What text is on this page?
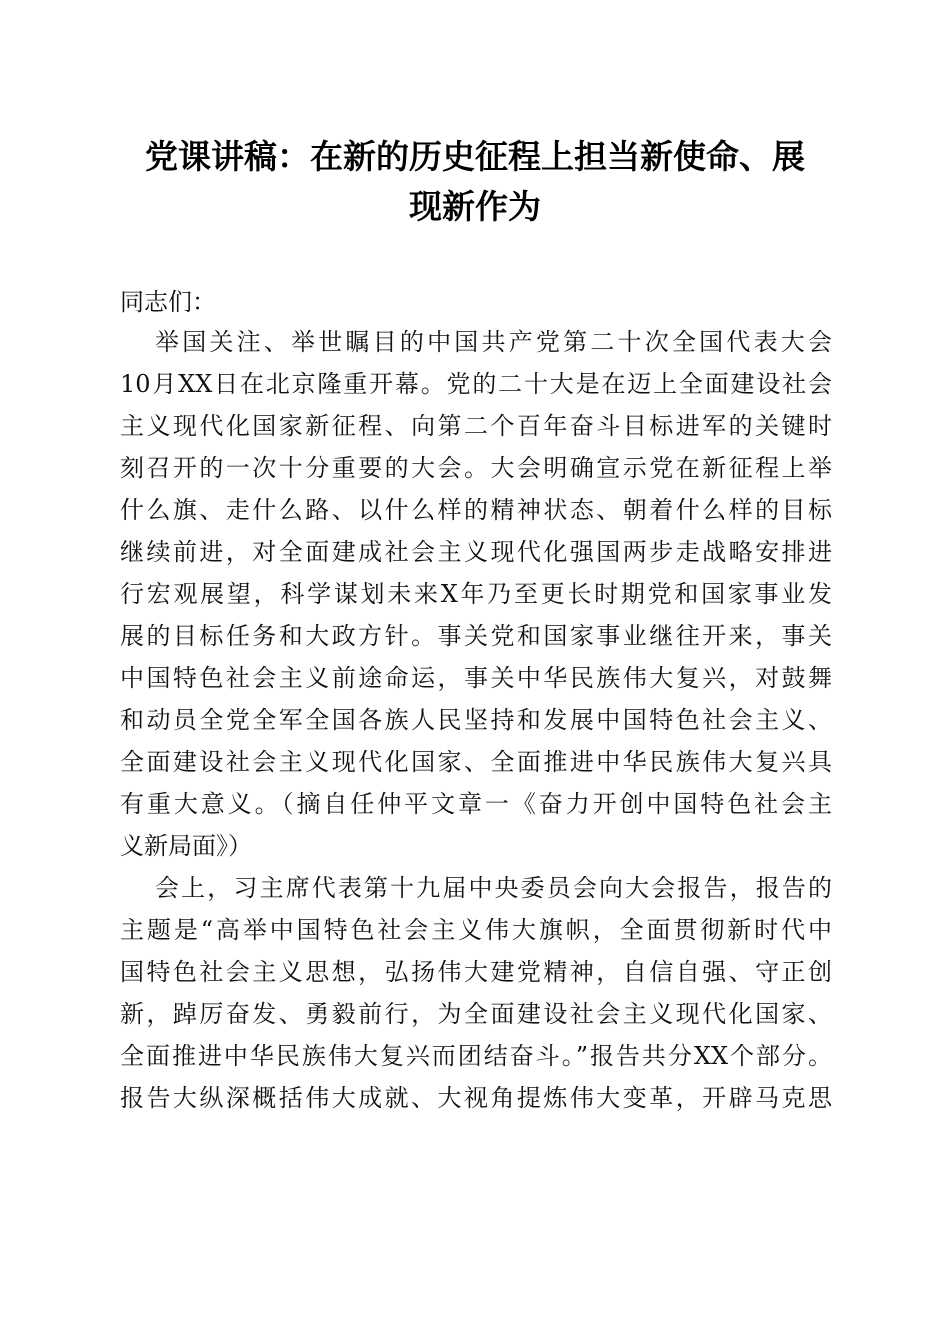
党课讲稿：在新的历史征程上担当新使命、展
现新作为

同志们：

举国关注、举世瞩目的中国共产党第二十次全国代表大会

10月XX日在北京隆重开幕。党的二十大是在迈上全面建设社会

主义现代化国家新征程、向第二个百年奋斗目标进军的关键时

刻召开的一次十分重要的大会。大会明确宣示党在新征程上举

什么旗、走什么路、以什么样的精神状态、朝着什么样的目标

继续前进，对全面建成社会主义现代化强国两步走战略安排进

行宏观展望，科学谋划未来X年乃至更长时期党和国家事业发

展的目标任务和大政方针。事关党和国家事业继往开来，事关

中国特色社会主义前途命运，事关中华民族伟大复兴，对鼓舞

和动员全党全军全国各族人民坚持和发展中国特色社会主义、

全面建设社会主义现代化国家、全面推进中华民族伟大复兴具

有重大意义。（摘自任仲平文章一《奋力开创中国特色社会主

义新局面》）

会上，习主席代表第十九届中央委员会向大会报告，报告的

主题是“高举中国特色社会主义伟大旗帜，全面贯彻新时代中

国特色社会主义思想，弘扬伟大建党精神，自信自强、守正创

新，踔厉奋发、勇毅前行，为全面建设社会主义现代化国家、

全面推进中华民族伟大复兴而团结奋斗。”报告共分XX个部分。

报告大纵深概括伟大成就、大视角提炼伟大变革，开辟马克思
